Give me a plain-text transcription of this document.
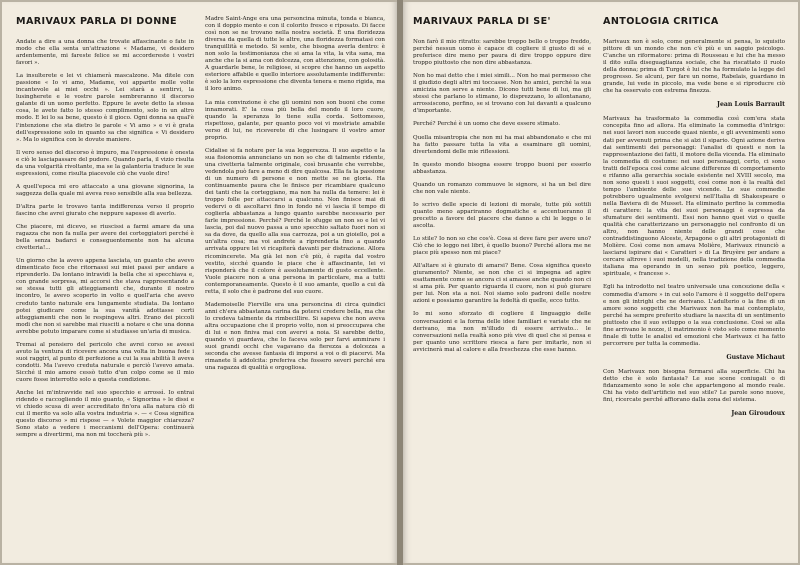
MARIVAUX PARLA DI DONNE

Andate a dire a una donna che trovate affascinante o fate in modo che ella senta un'attrazione « Madame, vi desidero ardentemente, mi fareste felice se mi accordereste i vostri favori ».

La insulterete e lei vi chiamerà mascalzone. Ma ditele con passione « Io vi amo, Madame, voi apparite molle volte incantevole ai miei occhi ». Lei starà a sentirvi, la lusingherete e le vostre parole sembreranno il discorso galante di un uomo perfetto. Eppure le avete detto la stessa cosa, le avete fatto lo stesso complimento, solo in un altro modo. E lei lo sa bene, questo è il gioco. Ogni donna sa qual'è l'intenzione che sta dietro le parole « Vi amo » e vi è grata dell'espressione solo in quanto sa che significa « Vi desidero ». Ma lo significa con le dovute maniere.

Il vero senso del discorso è impuro, ma l'espressione è onesta e ciò le lasciapassare del pudore. Quando parla, il vizio risulta da una volgarità rivoltante, ma se la galanteria traduce le sue espressioni, come risulta piacevole ciò che vuole dire!

A quell'epoca mi ero attaccato a una giovane signorina, la saggezza della quale mi aveva reso sensibile alla sua bellezza.

D'altra parte le trovavo tanta indifferenza verso il proprio fascino che avrei giurato che neppure sapesse di averlo.

Che piacere, mi dicevo, se riuscissi a farmi amare da una ragazza che non fa nulla per avere dei corteggiatori perché è bella senza badarci e conseguentemente non ha alcuna civetteria!...

Un giorno che la avevo appena lasciata, un guanto che avevo dimenticato fece che ritornassi sui miei passi per andare a riprenderlo. Da lontano intravidi la bella che si specchiava e, con grande sorpresa, mi accorsi che stava rappresentando a se stessa tutti gli atteggiamenti che, durante il nostro incontro, le avevo scoperto in volto e quell'aria che avevo creduto tanto naturale era lungamente studiata. Da lontano potei giudicare come la sua vanità adottasse certi atteggiamenti che non le respingeva altri. Erano dei piccoli modi che non si sarebbe mai riusciti a notare e che una donna avrebbe potuto imparare come si studiasse un'aria di musica.

Tremai al pensiero del pericolo che avrei corso se avessi avuto la ventura di ricevere ancora una volta in buona fede i suoi raggiri, al punto di perfezione a cui la sua abilità li aveva condotti. Ma l'avevo creduta naturale e perciò l'avevo amata. Sicché il mio amore cessò tutto d'un colpo come se il mio cuore fosse interrotto solo a questa condizione.

Anche lei m'intravvide nel suo specchio e arrossì. Io entrai ridendo e raccogliendo il mio guanto, « Signorina » le dissi e vi chiedo scusa di aver accreditato fin'ora alla natura ciò di cui il merito va solo alla vostra industria ». — « Cosa significa questo discorso » mi rispose — « Volete maggior chiarezza? Sono stato a vedere i meccanismi dell'Opera: continuerà sempre a divertirmi, ma non mi toccherà più ».

Madre Saint-Ange era una personcina minuta, tonda e bianca, con il doppio mento e con il colorito fresco e riposato. Di facce così non se ne trovano nella nostra società. È una floridezza diversa da quella di tutte le altre, una floridezza formatasi con tranquillità e metodo. Si sente, che bisogna averla dentro: è non solo la testimonianza che si ama la vita, la vita sana, ma anche che la si ama con dolcezza, con attenzione, con golosità. A guardarle bene, le religiose, si scopre che hanno un aspetto esteriore affabile e quello interiore assolutamente indifferente: è solo la loro espressione che diventa tenera e meno rigida, ma il loro animo.

La mia convinzione è che gli uomini non son buoni che come innamorati. E' la cosa più bella del mondo il loro cuore, quando la speranza lo tiene sulla corda. Sottomesso, rispettoso, galante, per quanto poco voi vi mostriate amabile verso di lui, ne riceverete di che lusingare il vostro amor proprio.

Cidalise si fa notare per la sua leggerezza. Il suo aspetto e la sua fisionomia annunciano un non so che di talmente ridente, una civetteria talmente originale, così brusante che verrebbe, vedendola può fare a meno di dire qualcosa. Ella fa la passione di un numero di persone e non mette se ne gloria. Ha continuamente paura che le finisce per ricambiare qualcuno dei tanti che la corteggiano, ma non ha nulla da temere: lei è troppo folle per attaccarsi a qualcuno. Non finisce mai di vedervi o di ascoltarvi fino in fondo né vi lascia il tempo di coglierla abbastanza a lungo quanto sarebbe necessario per farle impressione. Perché? Perché le sfugge un non so e lei vi lascia, poi dal nuovo passa a uno specchio saltato fuori non si sa da dove, da quello alla sua carrozza, poi a un gioiello, poi a un'altra cosa; ma voi andrete a riprenderla fino a quando arrivata oppure lei vi ricapiterà davanti per distrazione. Allora ricomincerete. Ma già lei non c'è più, è rapita dal vostro vestito, sicché quando le piace che è affascinante, lei vi risponderà che il colore è assolutamente di gusto eccellente. Vuole piacere non a una persona in particolare, ma a tutti contemporaneamente. Questo è il suo amante, quello a cui dà retta, il solo che è padrone del suo cuore.

Mademoiselle Fierville era una personcina di circa quindici anni ch'era abbastanza carina da potersi credere bella, ma che lo credeva talmente da rimbecillire. Si sapeva che non aveva altra occupazione che il proprio volto, non si preoccupava che di lui e non finiva mai con avervi a noia. Si sarebbe detto, quando vi guardava, che lo faceva solo per farvi ammirare i suoi grandi occhi che vagavano da fierezza a dolcezza a seconda che avesse fantasia di imporsi a voi o di piacervi. Ma rimanete lì addolcita: preferiva che fossero severi perché era una ragazza di qualità e orgogliosa.

MARIVAUX PARLA DI SE'

Non farò il mio ritratto: sarebbe troppo bello o troppo freddo, perché nessun uomo è capace di cogliere il giusto di sé e preferisce dire meno per paura di dire troppo oppure dire troppo piuttosto che non dire abbastanza.

Non ho mai detto che i miei simili... Non ho mai permesso che il giudizio degli altri mi toccasse. Non ho amici, perché la sua amicizia non serve a niente. Dicono tutti bene di lui, ma gli stessi che parlano lo stimano, lo disprezzano, lo allontanano, arrossiscono, perfino, se si trovano con lui davanti a qualcuno d'importante.

Perché? Perché è un uomo che deve essere stimato.

Quella misantropia che non mi ha mai abbandonato e che mi ha fatto passare tutta la vita a esaminare gli uomini, divertendomi delle mie riflessioni.

In questo mondo bisogna essere troppo buoni per esserlo abbastanza.

Quando un romanzo commuove le signore, si ha un bel dire che non vale niente.

Io scrivo delle specie di lezioni di morale, tutte più sottili quanto meno appariranno dogmatiche e accentueranno il precetto a favore del piacere che danno a chi le legge o le ascolta.

Lo stile? Io non so che cos'è. Cosa si deve fare per avere uno? Ciò che io leggo nei libri, è quello buono? Perché allora me ne piace più spesso non mi piace?

All'altare si è giurato di amarsi? Bene. Cosa significa questo giuramento? Niente, se non che ci si impegna ad agire esattamente come se ancora ci si amasse anche quando non ci si ama più. Per quanto riguarda il cuore, non si può giurare per lui. Non sta a noi. Noi siamo solo padroni delle nostre azioni e possiamo garantire la fedeltà di quelle, ecco tutto.

Io mi sono sforzato di cogliere il linguaggio delle conversazioni e la forma delle idee familiari e variate che ne derivano, ma non m'illudo di essere arrivato... le conversazioni nella realtà sono più vive di quel che si pensa e per quanto uno scrittore riesca a fare per imitarle, non si avvicinerà mai al calore e alla freschezza che esse hanno.

ANTOLOGIA CRITICA

Marivaux non è solo, come generalmente si pensa, lo squisito pittore di un mondo che non c'è più e un saggio psicologo. C'anche un riformatore: prima di Rousseau e lui che ha messo il dito sulla diseguaglianza sociale, che ha riscattato il ruolo della donna; prima di Turgot è lui che ha formulato la legge del progresso. Se alcuni, per fare un nome, Rabelais, guardano in grande, lui vede in piccolo, ma vede bene e si riproducre ciò che ha osservato con estrema finezza.

Jean Louis Barrault

Marivaux ha trasformato la commedia così com'era stata concepita fino ad allora. Ha eliminato la commedia d'intrigo: nei suoi lavori non succede quasi niente, e gli avvenimenti sono dati per avvenuti prima che si alzi il sipario. Ogni azione deriva dai sentimenti dei personaggi: l'analisi di questi e non la rappresentazione dei fatti, il motore della vicenda. Ha eliminato la commedia di costume: nei suoi personaggi, certo, ci sono tratti dell'epoca così come alcune differenze di comportamento e rifanno alla gerarchia sociale esistente nel XVIII secolo, ma non sono questi i suoi soggetti, così come non è la realtà del tempo l'ambiente delle sue vicende. Le sue commedie potrebbero ugualmente svolgersi nell'Italia di Shakespeare o nella Baviera di de Musset. Ha eliminato perfino la commedia di carattere: la vita dei suoi personaggi è espressa da sfumature dei sentimenti. Essi non hanno quei vizi o quelle qualità che caratterizzano un personaggio nel confronto di un altro, non hanno niente delle grandi cose che contraddistinguono Alceste, Arpagone o gli altri protagonisti di Molière. Così come non amava Molière, Marivaux rinunciò a lasciarsi ispirare dai « Caratteri » di La Bruyère per andare a cercare altrove i suoi modelli, nella tradizione della commedia italiana ma operando in un senso più poetico, leggero, spirituale, « francese ».

Egli ha introdotto nel teatro universale una concezione della « commedia d'amore » in cui solo l'amore è il soggetto dell'opera e non gli intrighi che ne derivano. L'adulterio o la fine di un amore sono soggetti che Marivaux non ha mai contemplato, perché ha sempre preferito studiare la nascita di un sentimento piuttosto che il suo sviluppo o la sua conclusione. Così se alla fine arrivano le nozze, il matrimonio è visto solo come momento finale di tutte le analisi ed emozioni che Marivaux ci ha fatto percorrere per tutta la commedia.

Gustave Michaut

Con Marivaux non bisogna fermarsi alla superficie. Chi ha detto che è solo fantasia? Le sue scene coniugali o di fidanzamento sono le sole che appartengono al mondo reale. Chi ha visto dell'artificio nel suo stile? Le parole sono nuove, fini, ricercate perché affiorano dalla zona del sistema.

Jean Giroudoux
